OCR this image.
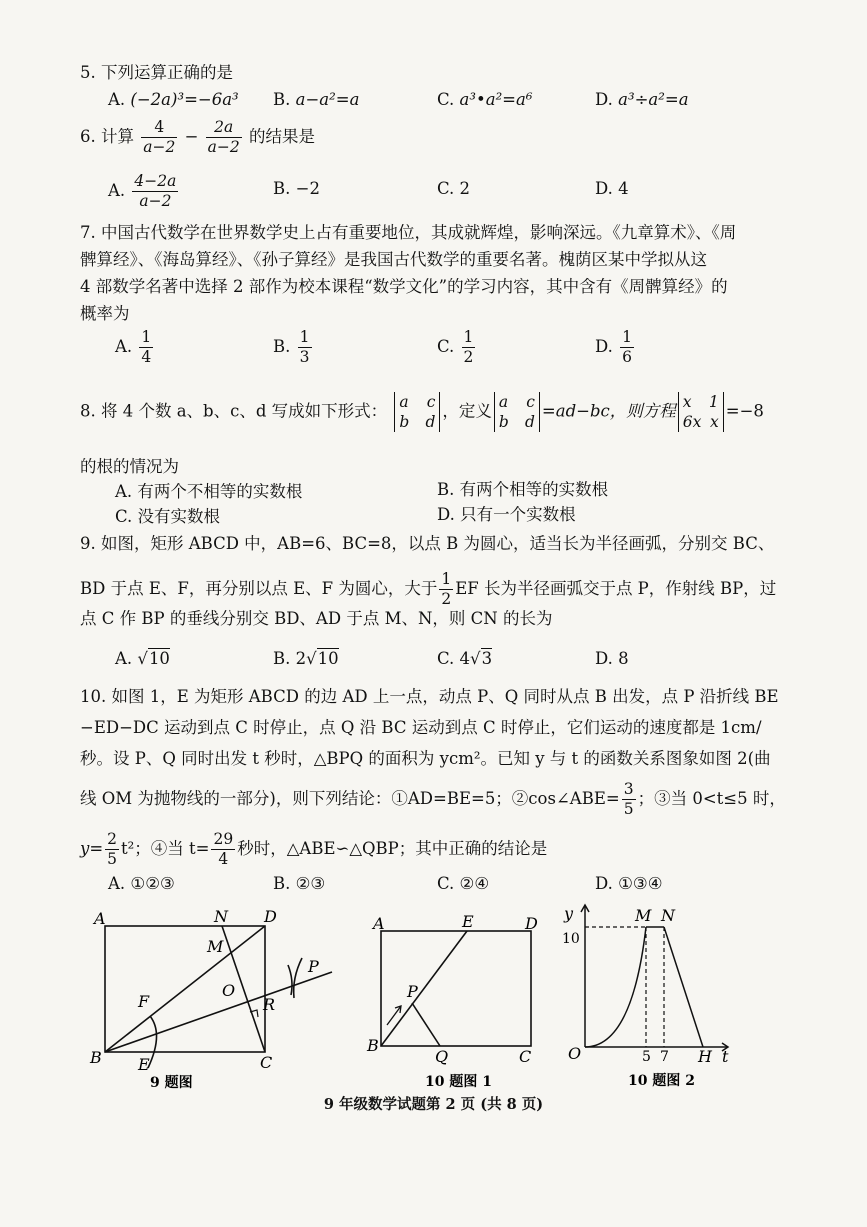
5. 下列运算正确的是
A. (−2a)³=−6a³ B. a−a²=a	C. a³•a²=a⁶	D. a³÷a²=a
6. 计算 $\frac{4}{a-2} - \frac{2a}{a-2}$ 的结果是
A. $\frac{4-2a}{a-2}$	B. −2	C. 2	D. 4
7. 中国古代数学在世界数学史上占有重要地位，其成就辉煌，影响深远。《九章算术》、《周
髀算经》、《海岛算经》、《孙子算经》是我国古代数学的重要名著。槐荫区某中学拟从这
4 部数学名著中选择 2 部作为校本课程“数学文化”的学习内容，其中含有《周髀算经》的
概率为
A. $\frac{1}{4}$	B. $\frac{1}{3}$	C. $\frac{1}{2}$	D. $\frac{1}{6}$
8. 将 4 个数 a、b、c、d 写成如下形式： a c
b d
，定义 a c
b d
=ad−bc，则方程 x 1
6x x
=−8
的根的情况为
A. 有两个不相等的实数根	B. 有两个相等的实数根
C. 没有实数根	D. 只有一个实数根
9. 如图，矩形 ABCD 中，AB=6、BC=8，以点 B 为圆心，适当长为半径画弧，分别交 BC、
BD 于点 E、F，再分别以点 E、F 为圆心，大于 $\frac{1}{2}$ EF 长为半径画弧交于点 P，作射线 BP，过
点 C 作 BP 的垂线分别交 BD、AD 于点 M、N，则 CN 的长为
A. √10	B. 2√10	C. 4√3	D. 8
10. 如图 1，E 为矩形 ABCD 的边 AD 上一点，动点 P、Q 同时从点 B 出发，点 P 沿折线 BE
−ED−DC 运动到点 C 时停止，点 Q 沿 BC 运动到点 C 时停止，它们运动的速度都是 1cm/
秒。设 P、Q 同时出发 t 秒时，△BPQ 的面积为 ycm²。已知 y 与 t 的函数关系图象如图 2(曲
线 OM 为抛物线的一部分)，则下列结论：①AD=BE=5；②cos∠ABE= $\frac{3}{5}$ ；③当 0<t≤5 时，
$y= \frac{2}{5} t^2$；④当 $t= \frac{29}{4}$ 秒时，△ABE∽△QBP；其中正确的结论是
A. ①②③	B. ②③	C. ②④	D. ①③④
A	N D
M
P
F
O
R
B E	C
9 题图
A	E	D
P
B
Q	C
10 题图 1
y	M N
10
O	5 7 H t
10 题图 2
9 年级数学试题第 2 页 (共 8 页)
